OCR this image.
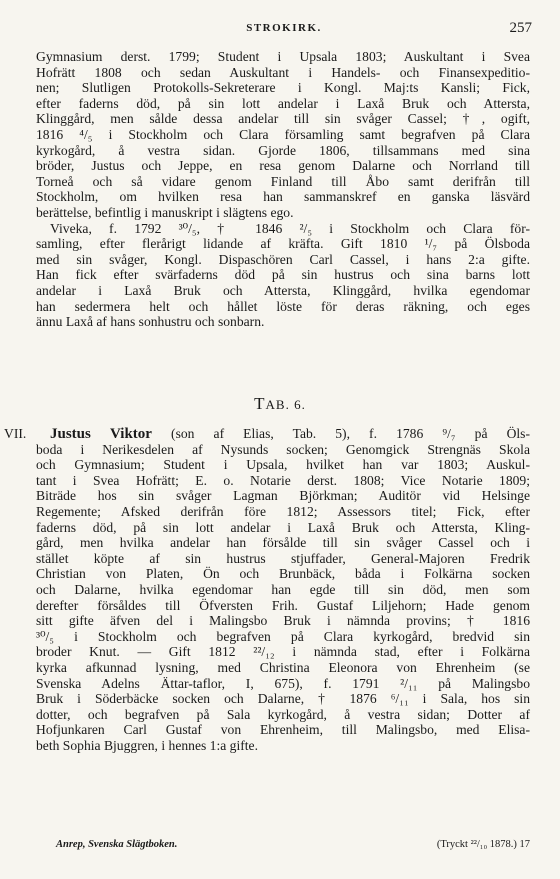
STROKIRK.	257
Gymnasium derst. 1799; Student i Upsala 1803; Auskultant i Svea
Hofrätt 1808 och sedan Auskultant i Handels- och Finansexpeditio-
nen; Slutligen Protokolls-Sekreterare i Kongl. Maj:ts Kansli; Fick,
efter faderns död, på sin lott andelar i Laxå Bruk och Attersta,
Klinggård, men sålde dessa andelar till sin svåger Cassel; †, ogift,
1816 ⁴/₅ i Stockholm och Clara församling samt begrafven på Clara
kyrkogård, å vestra sidan. Gjorde 1806, tillsammans med sina
bröder, Justus och Jeppe, en resa genom Dalarne och Norrland till
Torneå och så vidare genom Finland till Åbo samt derifrån till
Stockholm, om hvilken resa han sammanskref en ganska läsvärd
berättelse, befintlig i manuskript i slägtens ego.
Viveka, f. 1792 ³⁰/₅, † 1846 ²/₅ i Stockholm och Clara för-
samling, efter flerårigt lidande af kräfta. Gift 1810 ¹/₇ på Ölsboda
med sin svåger, Kongl. Dispaschören Carl Cassel, i hans 2:a gifte.
Han fick efter svärfaderns död på sin hustrus och sina barns lott
andelar i Laxå Bruk och Attersta, Klinggård, hvilka egendomar
han sedermera helt och hållet löste för deras räkning, och eges
ännu Laxå af hans sonhustru och sonbarn.
TAB. 6.
VII.	Justus Viktor (son af Elias, Tab. 5), f. 1786 ⁹/₇ på Öls-
boda i Nerikesdelen af Nysunds socken; Genomgick Strengnäs Skola
och Gymnasium; Student i Upsala, hvilket han var 1803; Auskul-
tant i Svea Hofrätt; E. o. Notarie derst. 1808; Vice Notarie 1809;
Biträde hos sin svåger Lagman Björkman; Auditör vid Helsinge
Regemente; Afsked derifrån före 1812; Assessors titel; Fick, efter
faderns död, på sin lott andelar i Laxå Bruk och Attersta, Kling-
gård, men hvilka andelar han försålde till sin svåger Cassel och i
stället köpte af sin hustrus stjuffader, General-Majoren Fredrik
Christian von Platen, Ön och Brunbäck, båda i Folkärna socken
och Dalarne, hvilka egendomar han egde till sin död, men som
derefter försåldes till Öfversten Frih. Gustaf Liljehorn; Hade genom
sitt gifte äfven del i Malingsbo Bruk i nämnda provins; † 1816
³⁰/₅ i Stockholm och begrafven på Clara kyrkogård, bredvid sin
broder Knut. — Gift 1812 ²²/₁₂ i nämnda stad, efter i Folkärna
kyrka afkunnad lysning, med Christina Eleonora von Ehrenheim (se
Svenska Adelns Ättar-taflor, I, 675), f. 1791 ²/₁₁ på Malingsbo
Bruk i Söderbäcke socken och Dalarne, † 1876 ⁶/₁₁ i Sala, hos sin
dotter, och begrafven på Sala kyrkogård, å vestra sidan; Dotter af
Hofjunkaren Carl Gustaf von Ehrenheim, till Malingsbo, med Elisa-
beth Sophia Bjuggren, i hennes 1:a gifte.
Anrep, Svenska Slägtboken.	(Tryckt ²²/₁₀ 1878.) 17
